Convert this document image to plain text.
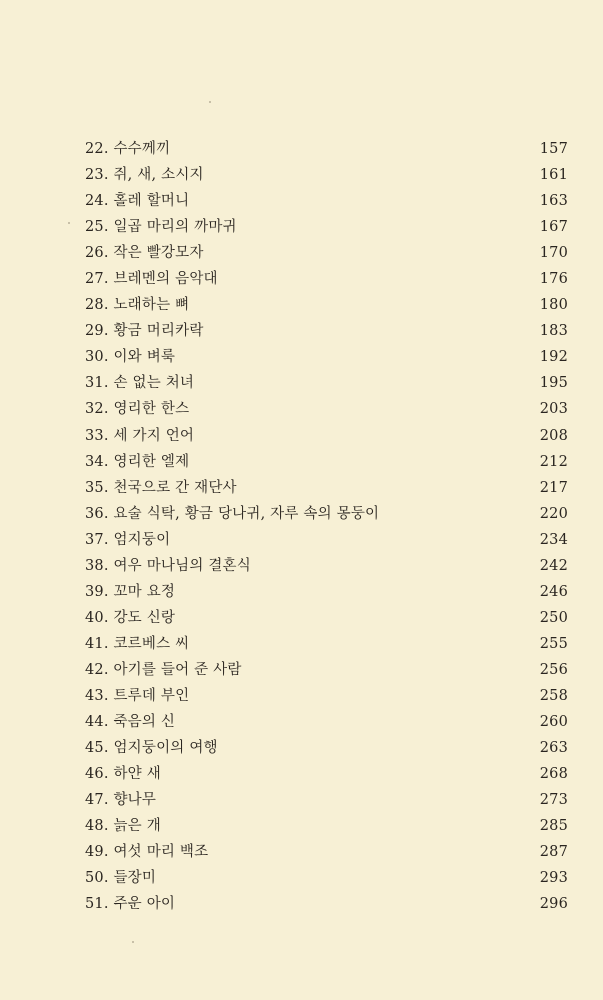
22. 수수께끼	157
23. 쥐, 새, 소시지	161
24. 홀레 할머니	163
25. 일곱 마리의 까마귀	167
26. 작은 빨강모자	170
27. 브레멘의 음악대	176
28. 노래하는 뼈	180
29. 황금 머리카락	183
30. 이와 벼룩	192
31. 손 없는 처녀	195
32. 영리한 한스	203
33. 세 가지 언어	208
34. 영리한 엘제	212
35. 천국으로 간 재단사	217
36. 요술 식탁, 황금 당나귀, 자루 속의 몽둥이	220
37. 엄지둥이	234
38. 여우 마나님의 결혼식	242
39. 꼬마 요정	246
40. 강도 신랑	250
41. 코르베스 씨	255
42. 아기를 들어 준 사람	256
43. 트루데 부인	258
44. 죽음의 신	260
45. 엄지둥이의 여행	263
46. 하얀 새	268
47. 향나무	273
48. 늙은 개	285
49. 여섯 마리 백조	287
50. 들장미	293
51. 주운 아이	296
